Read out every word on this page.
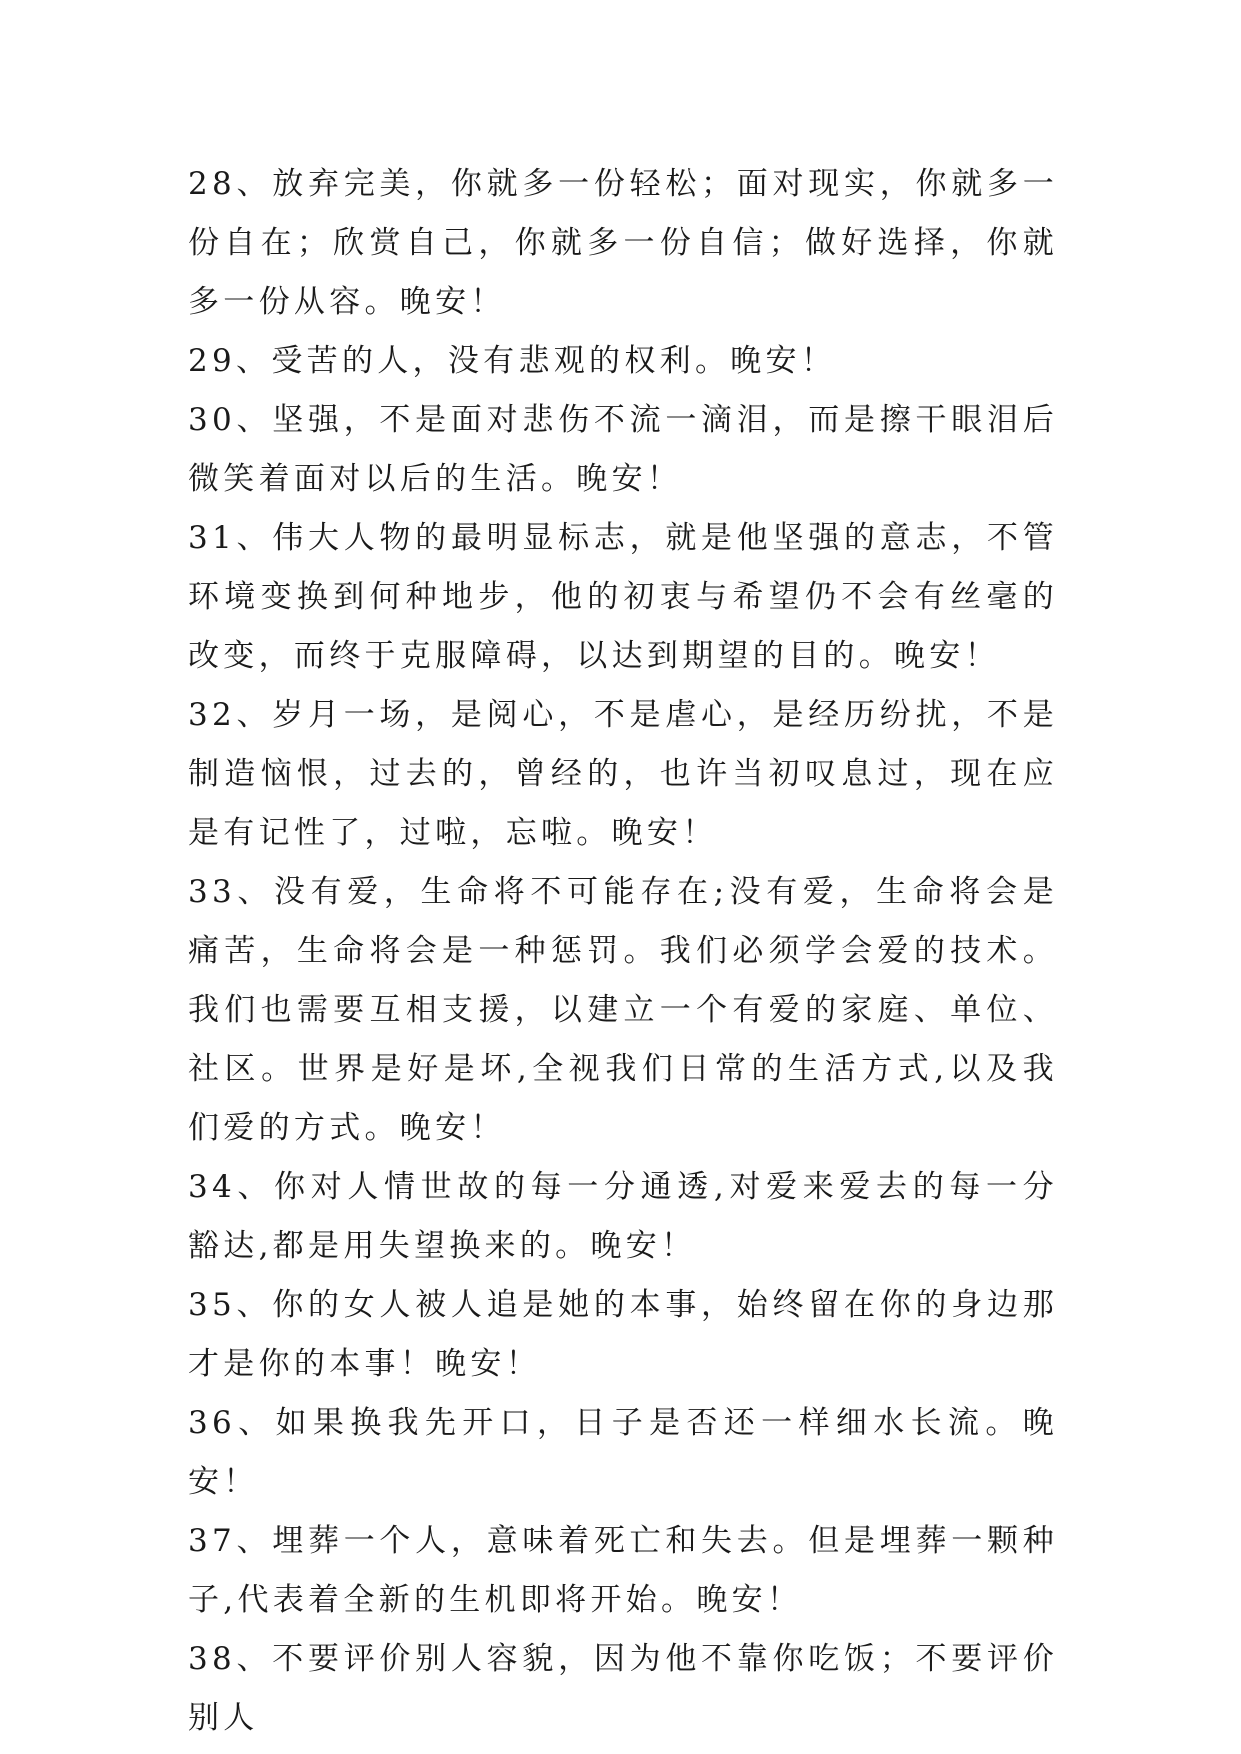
28、放弃完美，你就多一份轻松；面对现实，你就多一份自在；欣赏自己，你就多一份自信；做好选择，你就多一份从容。晚安！

29、受苦的人，没有悲观的权利。晚安！

30、坚强，不是面对悲伤不流一滴泪，而是擦干眼泪后微笑着面对以后的生活。晚安！

31、伟大人物的最明显标志，就是他坚强的意志，不管环境变换到何种地步，他的初衷与希望仍不会有丝毫的改变，而终于克服障碍，以达到期望的目的。晚安！

32、岁月一场，是阅心，不是虐心，是经历纷扰，不是制造恼恨，过去的，曾经的，也许当初叹息过，现在应是有记性了，过啦，忘啦。晚安！

33、没有爱，生命将不可能存在;没有爱，生命将会是痛苦，生命将会是一种惩罚。我们必须学会爱的技术。我们也需要互相支援，以建立一个有爱的家庭、单位、社区。世界是好是坏,全视我们日常的生活方式,以及我们爱的方式。晚安！

34、你对人情世故的每一分通透,对爱来爱去的每一分豁达,都是用失望换来的。晚安！

35、你的女人被人追是她的本事，始终留在你的身边那才是你的本事！晚安！

36、如果换我先开口，日子是否还一样细水长流。晚安！

37、埋葬一个人，意味着死亡和失去。但是埋葬一颗种子,代表着全新的生机即将开始。晚安！

38、不要评价别人容貌，因为他不靠你吃饭；不要评价别人
